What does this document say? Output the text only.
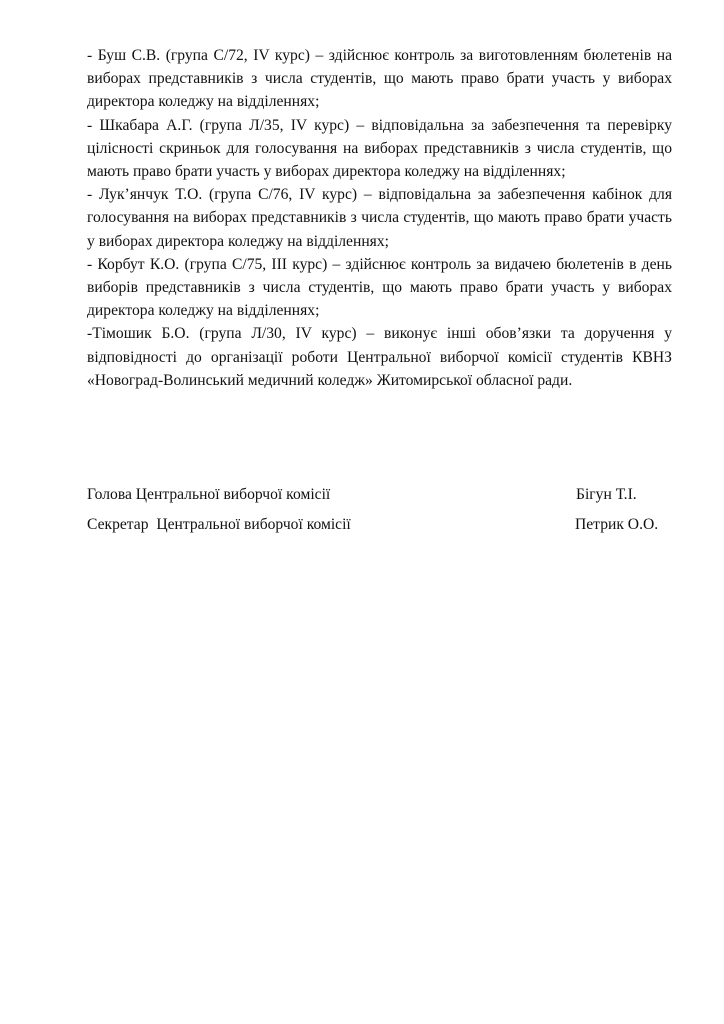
- Буш С.В. (група С/72, IV курс) – здійснює контроль за виготовленням бюлетенів на виборах представників з числа студентів, що мають право брати участь у виборах директора коледжу на відділеннях;

- Шкабара А.Г. (група Л/35, IV курс) – відповідальна за забезпечення та перевірку цілісності скриньок для голосування на виборах представників з числа студентів, що мають право брати участь у виборах директора коледжу на відділеннях;

- Лук’янчук Т.О. (група С/76, IV курс) – відповідальна за забезпечення кабінок для голосування на виборах представників з числа студентів, що мають право брати участь у виборах директора коледжу на відділеннях;

- Корбут К.О. (група С/75, ІІІ курс) – здійснює контроль за видачею бюлетенів в день виборів представників з числа студентів, що мають право брати участь у виборах директора коледжу на відділеннях;

-Тімошик Б.О. (група Л/30, IV курс) – виконує інші обов’язки та доручення у відповідності до організації роботи Центральної виборчої комісії студентів КВНЗ «Новоград-Волинський медичний коледж» Житомирської обласної ради.

Голова Центральної виборчої комісії	Бігун Т.І.
Секретар  Центральної виборчої комісії	Петрик О.О.
